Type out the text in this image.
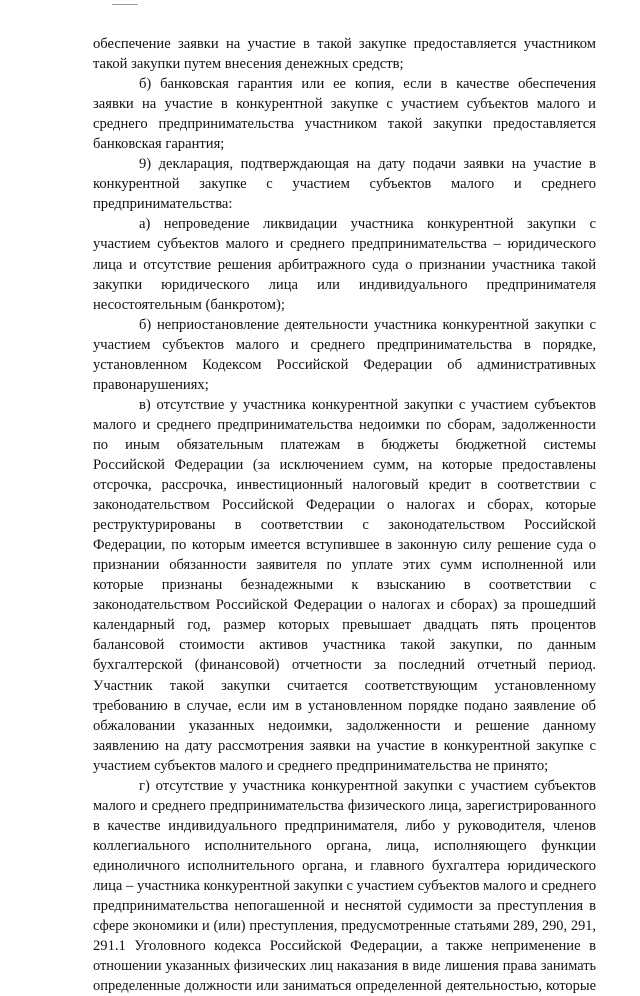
обеспечение заявки на участие в такой закупке предоставляется участником
такой закупки путем внесения денежных средств;
б) банковская гарантия или ее копия, если в качестве обеспечения
заявки на участие в конкурентной закупке с участием субъектов малого и
среднего предпринимательства участником такой закупки предоставляется
банковская гарантия;
9) декларация, подтверждающая на дату подачи заявки на участие в
конкурентной закупке с участием субъектов малого и среднего
предпринимательства:
а) непроведение ликвидации участника конкурентной закупки с
участием субъектов малого и среднего предпринимательства – юридического
лица и отсутствие решения арбитражного суда о признании участника такой
закупки юридического лица или индивидуального предпринимателя
несостоятельным (банкротом);
б) неприостановление деятельности участника конкурентной закупки с
участием субъектов малого и среднего предпринимательства в порядке,
установленном Кодексом Российской Федерации об административных
правонарушениях;
в) отсутствие у участника конкурентной закупки с участием субъектов
малого и среднего предпринимательства недоимки по сборам, задолженности
по иным обязательным платежам в бюджеты бюджетной системы
Российской Федерации (за исключением сумм, на которые предоставлены
отсрочка, рассрочка, инвестиционный налоговый кредит в соответствии с
законодательством Российской Федерации о налогах и сборах, которые
реструктурированы в соответствии с законодательством Российской
Федерации, по которым имеется вступившее в законную силу решение суда о
признании обязанности заявителя по уплате этих сумм исполненной или
которые признаны безнадежными к взысканию в соответствии с
законодательством Российской Федерации о налогах и сборах) за прошедший
календарный год, размер которых превышает двадцать пять процентов
балансовой стоимости активов участника такой закупки, по данным
бухгалтерской (финансовой) отчетности за последний отчетный период.
Участник такой закупки считается соответствующим установленному
требованию в случае, если им в установленном порядке подано заявление об
обжаловании указанных недоимки, задолженности и решение данному
заявлению на дату рассмотрения заявки на участие в конкурентной закупке с
участием субъектов малого и среднего предпринимательства не принято;
г) отсутствие у участника конкурентной закупки с участием субъектов
малого и среднего предпринимательства физического лица, зарегистрированного
в качестве индивидуального предпринимателя, либо у руководителя, членов
коллегиального исполнительного органа, лица, исполняющего функции
единоличного исполнительного органа, и главного бухгалтера юридического
лица – участника конкурентной закупки с участием субъектов малого и среднего
предпринимательства непогашенной и неснятой судимости за преступления в
сфере экономики и (или) преступления, предусмотренные статьями 289, 290, 291,
291.1 Уголовного кодекса Российской Федерации, а также неприменение в
отношении указанных физических лиц наказания в виде лишения права занимать
определенные должности или заниматься определенной деятельностью, которые
